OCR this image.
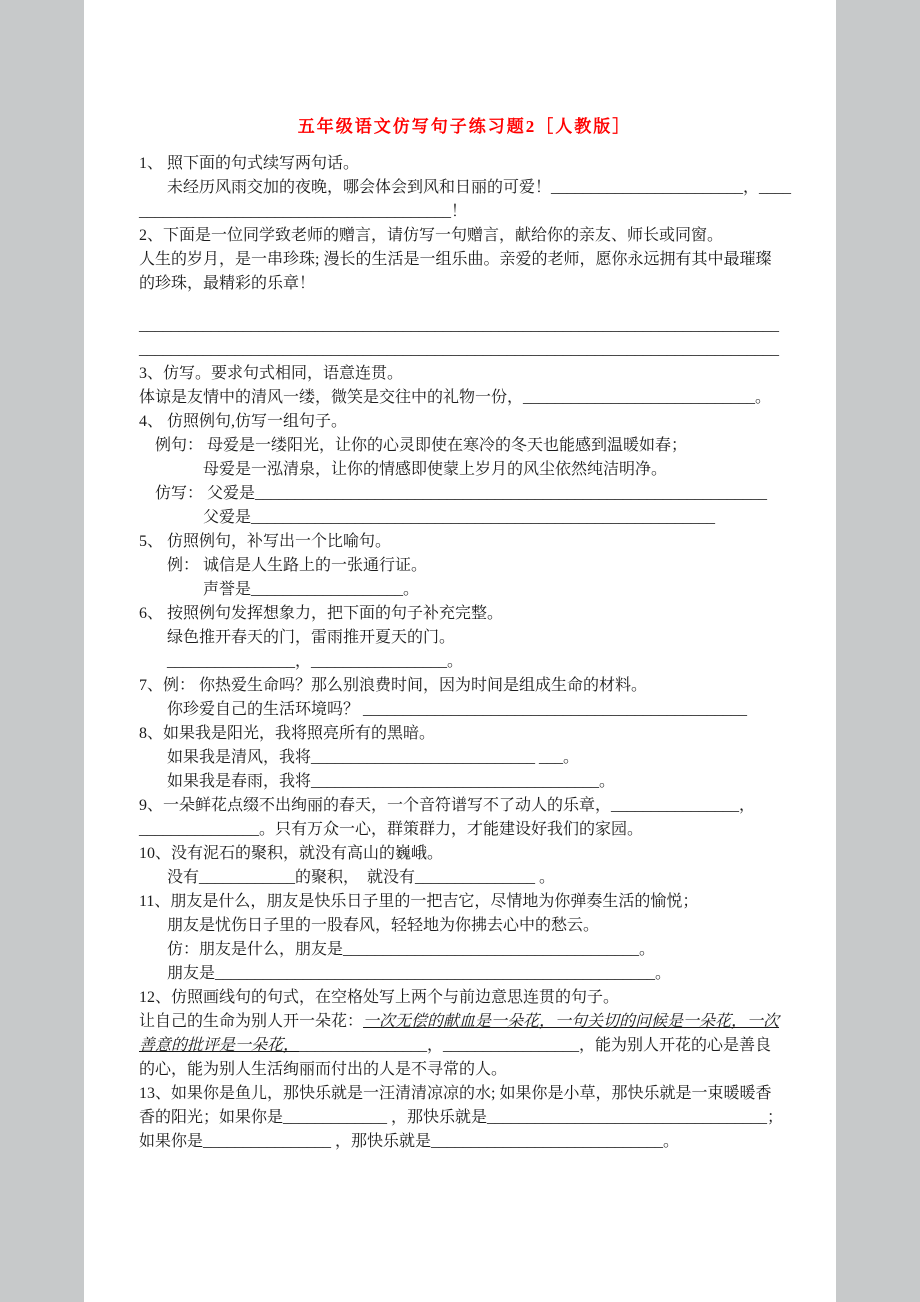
五年级语文仿写句子练习题2［人教版］
1、 照下面的句式续写两句话。
未经历风雨交加的夜晚，哪会体会到风和日丽的可爱！________________________，____
_______________________________________！
2、下面是一位同学致老师的赠言，请仿写一句赠言，献给你的亲友、师长或同窗。
人生的岁月，是一串珍珠; 漫长的生活是一组乐曲。亲爱的老师，愿你永远拥有其中最璀璨
的珍珠，最精彩的乐章！
________________________________________________________________________________
________________________________________________________________________________
3、仿写。要求句式相同，语意连贯。
体谅是友情中的清风一缕，微笑是交往中的礼物一份，_____________________________。
4、 仿照例句,仿写一组句子。
例句： 母爱是一缕阳光，让你的心灵即使在寒冷的冬天也能感到温暖如春；
母爱是一泓清泉，让你的情感即使蒙上岁月的风尘依然纯洁明净。
仿写： 父爱是________________________________________________________________
父爱是__________________________________________________________
5、 仿照例句，补写出一个比喻句。
例： 诚信是人生路上的一张通行证。
声誉是___________________。
6、 按照例句发挥想象力，把下面的句子补充完整。
绿色推开春天的门，雷雨推开夏天的门。
________________，_________________。
7、例： 你热爱生命吗？那么别浪费时间，因为时间是组成生命的材料。
你珍爱自己的生活环境吗？ ________________________________________________
8、如果我是阳光，我将照亮所有的黑暗。
如果我是清风，我将____________________________ ___。
如果我是春雨，我将____________________________________。
9、一朵鲜花点缀不出绚丽的春天，一个音符谱写不了动人的乐章，________________，
_______________。只有万众一心，群策群力，才能建设好我们的家园。
10、没有泥石的聚积，就没有高山的巍峨。
没有____________的聚积，  就没有_______________ 。
11、朋友是什么，朋友是快乐日子里的一把吉它，尽情地为你弹奏生活的愉悦；
朋友是忧伤日子里的一股春风，轻轻地为你拂去心中的愁云。
仿：朋友是什么，朋友是_____________________________________。
朋友是_______________________________________________________。
12、仿照画线句的句式，在空格处写上两个与前边意思连贯的句子。
让自己的生命为别人开一朵花：一次无偿的献血是一朵花，一句关切的问候是一朵花，一次
善意的批评是一朵花，________________，_________________，能为别人开花的心是善良
的心，能为别人生活绚丽而付出的人是不寻常的人。
13、如果你是鱼儿，那快乐就是一汪清清凉凉的水; 如果你是小草，那快乐就是一束暖暖香
香的阳光；如果你是_____________ ，那快乐就是___________________________________；
如果你是________________ ，那快乐就是_____________________________。
